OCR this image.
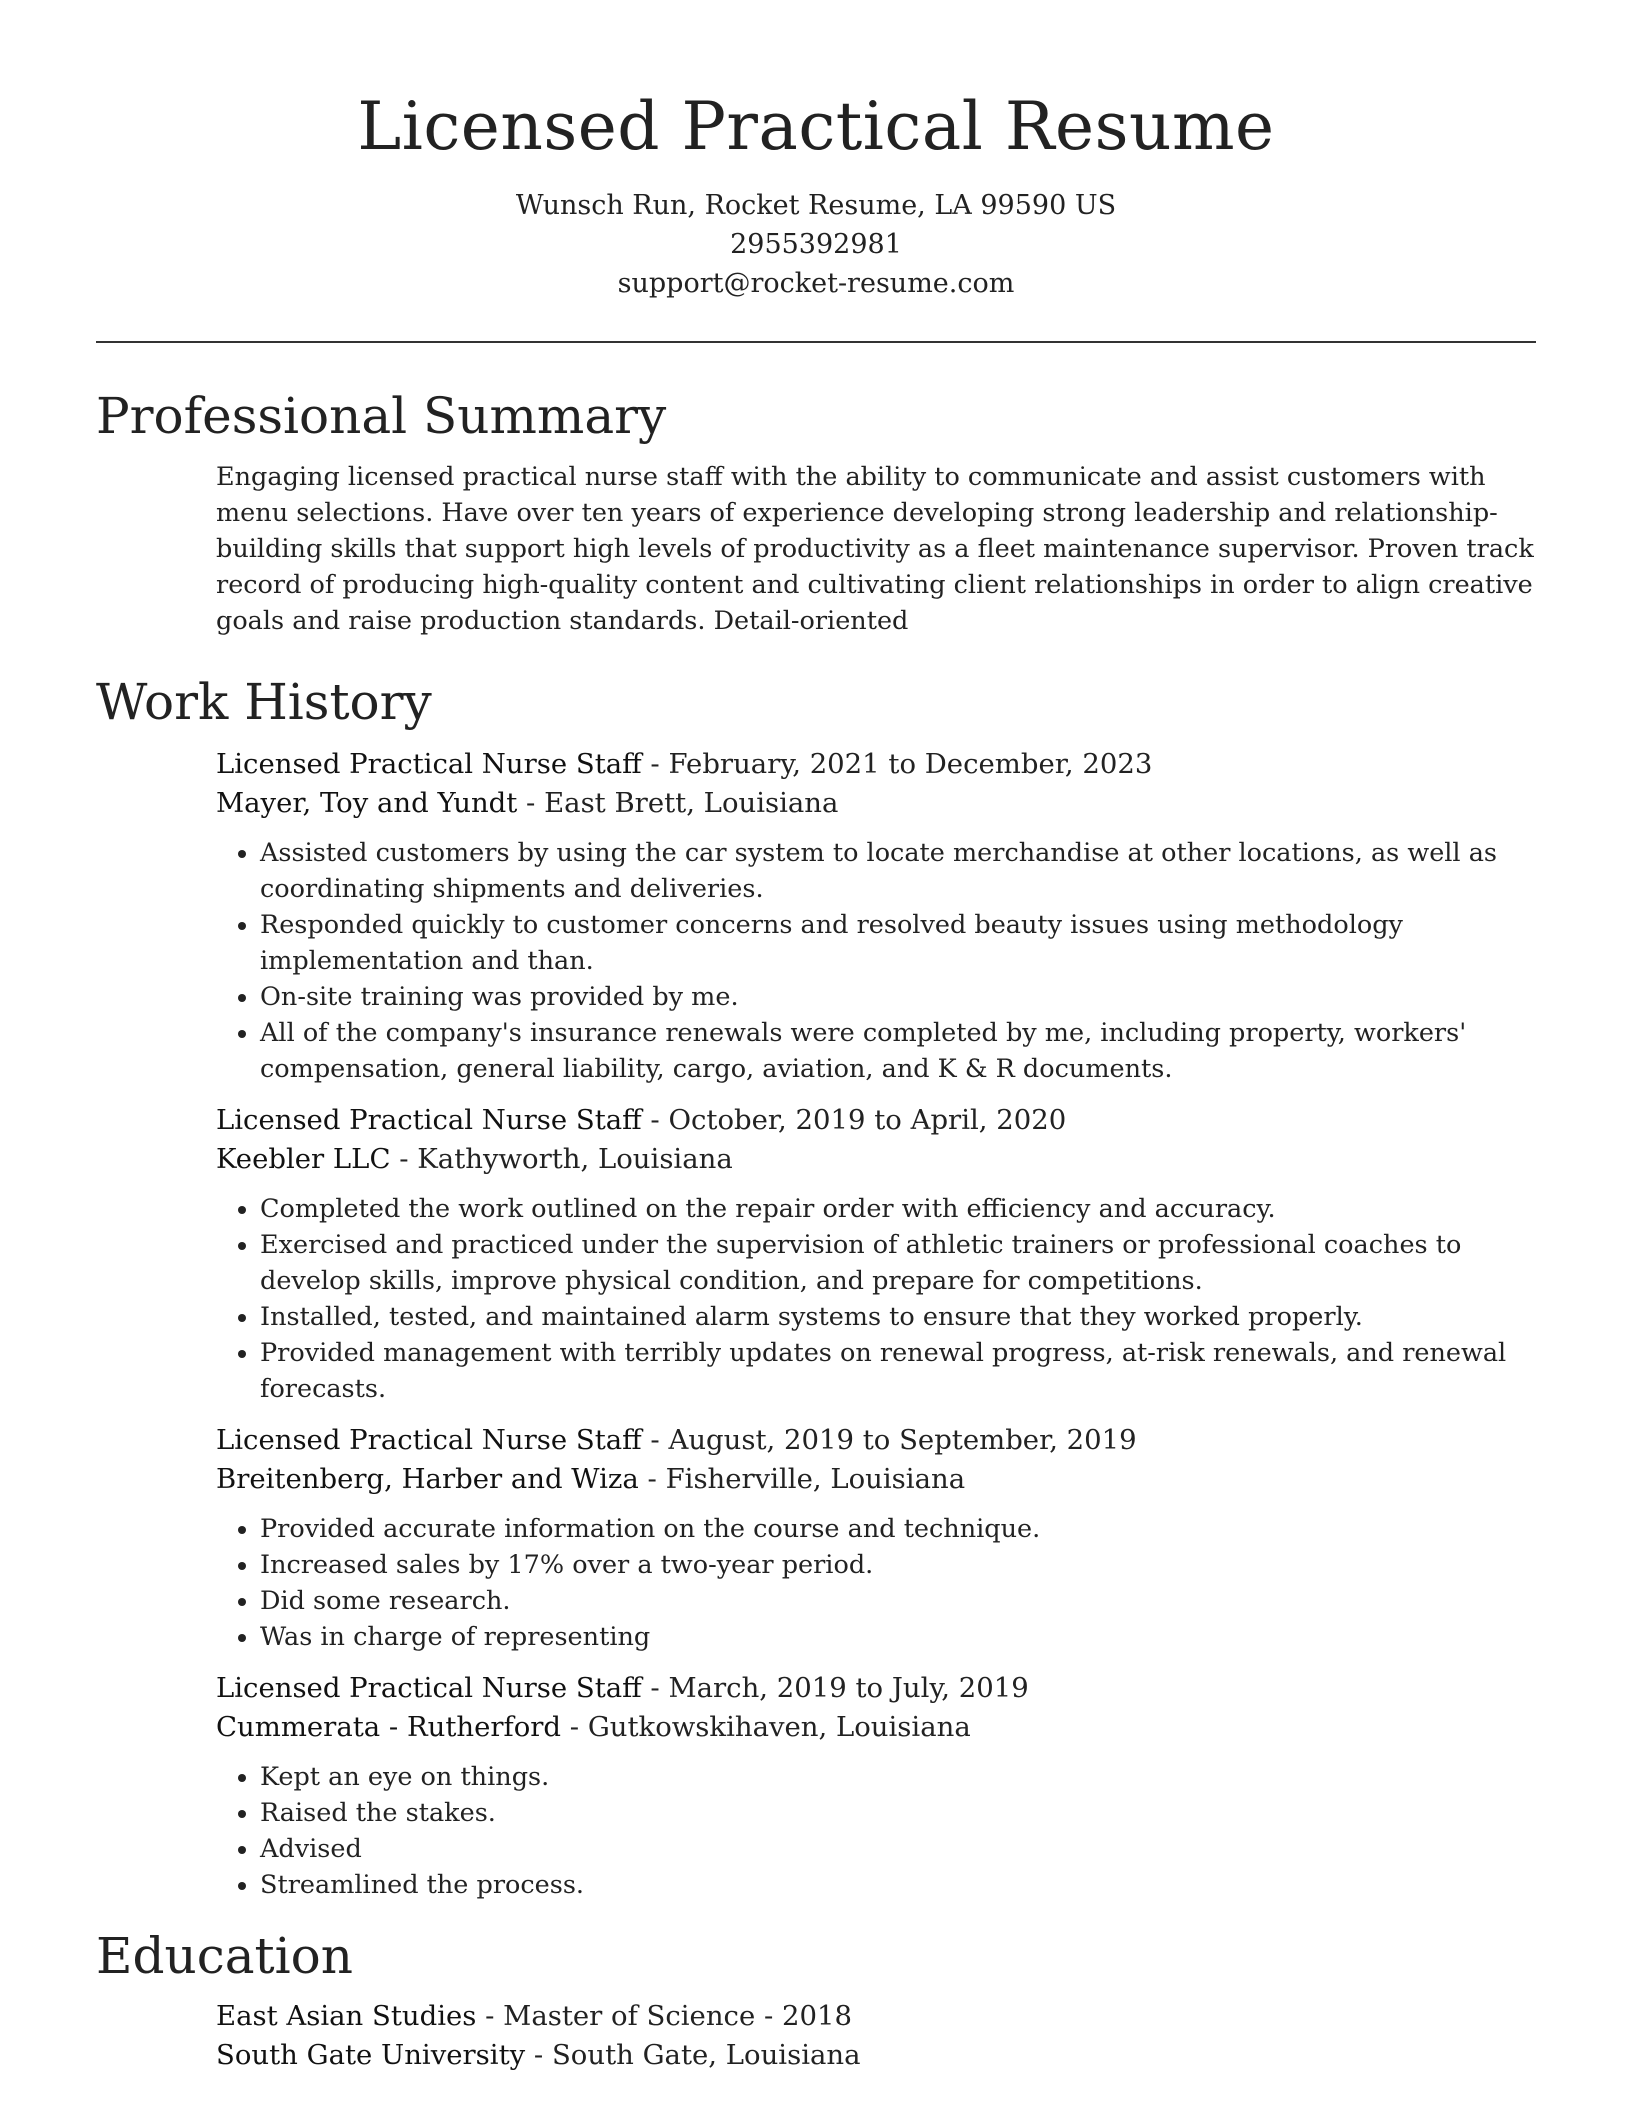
Licensed Practical Resume
Wunsch Run, Rocket Resume, LA 99590 US
2955392981
support@rocket-resume.com
Professional Summary
Engaging licensed practical nurse staff with the ability to communicate and assist customers with menu selections. Have over ten years of experience developing strong leadership and relationship-building skills that support high levels of productivity as a fleet maintenance supervisor. Proven track record of producing high-quality content and cultivating client relationships in order to align creative goals and raise production standards. Detail-oriented
Work History
Licensed Practical Nurse Staff - February, 2021 to December, 2023
Mayer, Toy and Yundt - East Brett, Louisiana
• Assisted customers by using the car system to locate merchandise at other locations, as well as coordinating shipments and deliveries.
• Responded quickly to customer concerns and resolved beauty issues using methodology implementation and than.
• On-site training was provided by me.
• All of the company's insurance renewals were completed by me, including property, workers' compensation, general liability, cargo, aviation, and K & R documents.
Licensed Practical Nurse Staff - October, 2019 to April, 2020
Keebler LLC - Kathyworth, Louisiana
• Completed the work outlined on the repair order with efficiency and accuracy.
• Exercised and practiced under the supervision of athletic trainers or professional coaches to develop skills, improve physical condition, and prepare for competitions.
• Installed, tested, and maintained alarm systems to ensure that they worked properly.
• Provided management with terribly updates on renewal progress, at-risk renewals, and renewal forecasts.
Licensed Practical Nurse Staff - August, 2019 to September, 2019
Breitenberg, Harber and Wiza - Fisherville, Louisiana
• Provided accurate information on the course and technique.
• Increased sales by 17% over a two-year period.
• Did some research.
• Was in charge of representing
Licensed Practical Nurse Staff - March, 2019 to July, 2019
Cummerata - Rutherford - Gutkowskihaven, Louisiana
• Kept an eye on things.
• Raised the stakes.
• Advised
• Streamlined the process.
Education
East Asian Studies - Master of Science - 2018
South Gate University - South Gate, Louisiana
